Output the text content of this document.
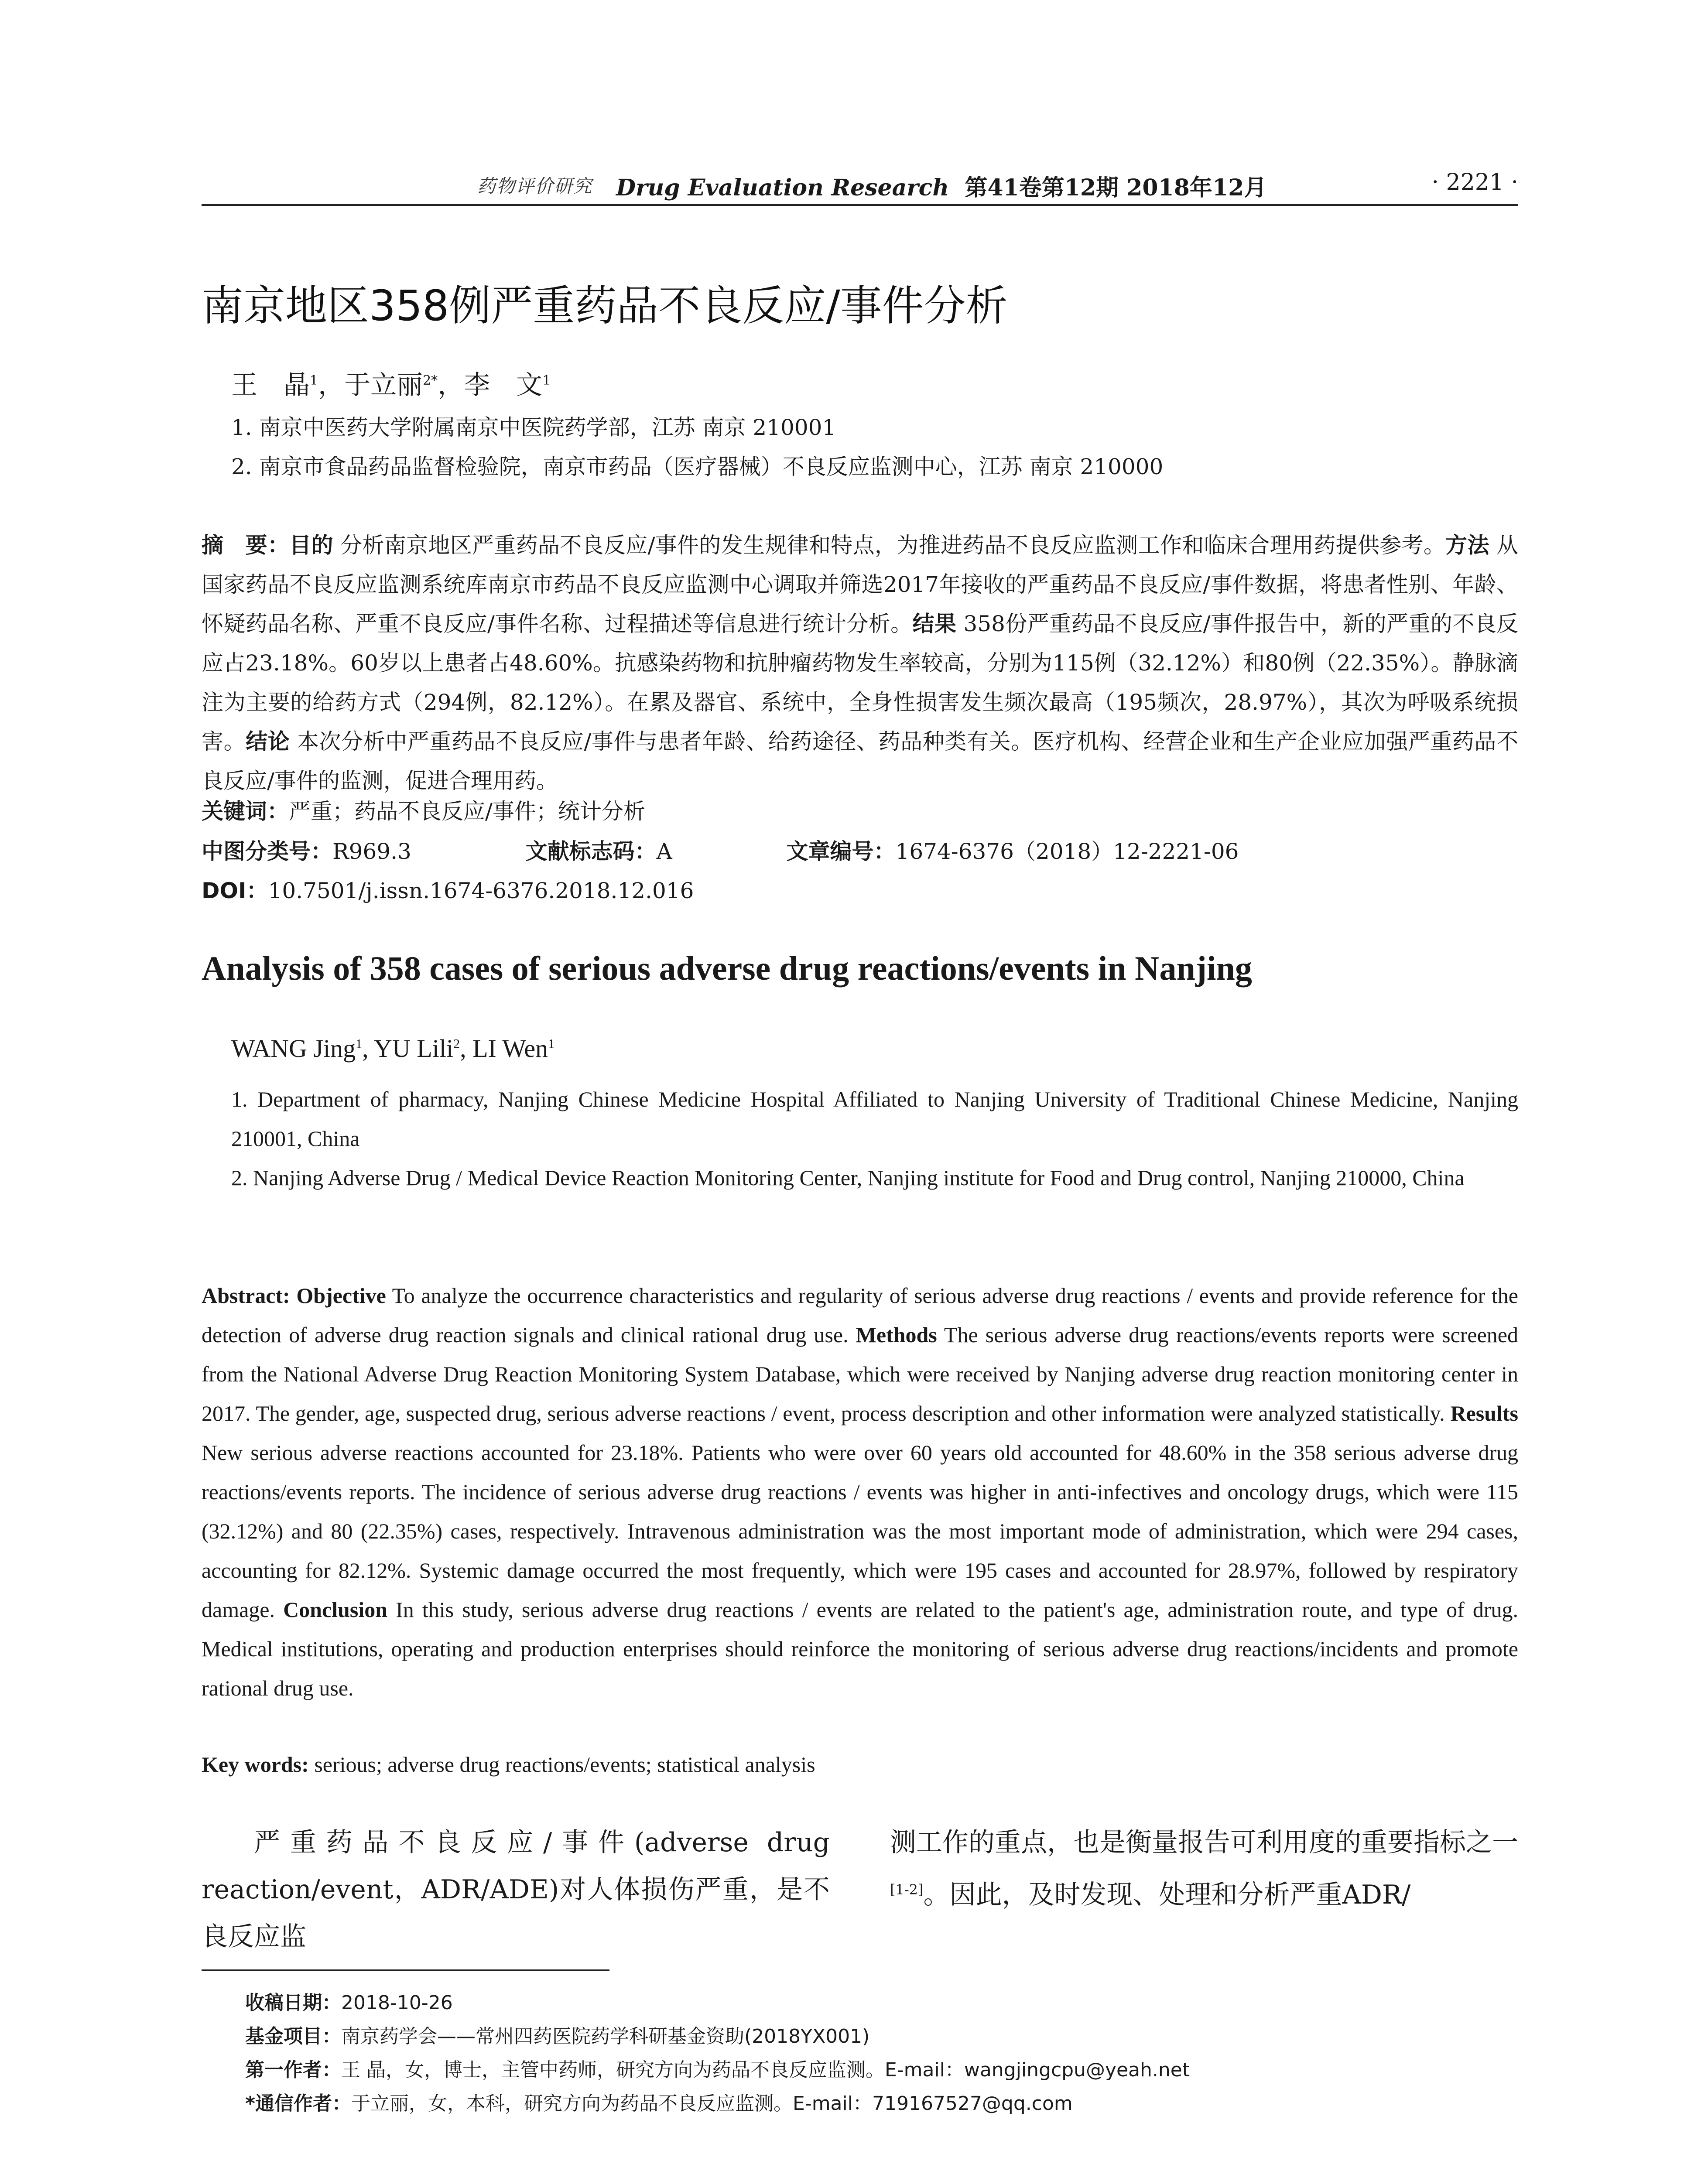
药物评价研究 Drug Evaluation Research 第41卷第12期 2018年12月	· 2221 ·
南京地区358例严重药品不良反应/事件分析
王　晶$^1$，于立丽$^{2*}$，李　文$^1$
1. 南京中医药大学附属南京中医院药学部，江苏 南京 210001
2. 南京市食品药品监督检验院，南京市药品（医疗器械）不良反应监测中心，江苏 南京 210000
摘　要：目的 分析南京地区严重药品不良反应/事件的发生规律和特点，为推进药品不良反应监测工作和临床合理用药提供参考。方法 从国家药品不良反应监测系统库南京市药品不良反应监测中心调取并筛选2017年接收的严重药品不良反应/事件数据，将患者性别、年龄、怀疑药品名称、严重不良反应/事件名称、过程描述等信息进行统计分析。结果 358份严重药品不良反应/事件报告中，新的严重的不良反应占23.18%。60岁以上患者占48.60%。抗感染药物和抗肿瘤药物发生率较高，分别为115例（32.12%）和80例（22.35%）。静脉滴注为主要的给药方式（294例，82.12%）。在累及器官、系统中，全身性损害发生频次最高（195频次，28.97%），其次为呼吸系统损害。结论 本次分析中严重药品不良反应/事件与患者年龄、给药途径、药品种类有关。医疗机构、经营企业和生产企业应加强严重药品不良反应/事件的监测，促进合理用药。
关键词：严重；药品不良反应/事件；统计分析
中图分类号：R969.3	文献标志码：A	文章编号：1674-6376（2018）12-2221-06
DOI：10.7501/j.issn.1674-6376.2018.12.016
Analysis of 358 cases of serious adverse drug reactions/events in Nanjing
WANG Jing$^1$, YU Lili$^2$, LI Wen$^1$
1. Department of pharmacy, Nanjing Chinese Medicine Hospital Affiliated to Nanjing University of Traditional Chinese Medicine, Nanjing 210001, China
2. Nanjing Adverse Drug / Medical Device Reaction Monitoring Center, Nanjing institute for Food and Drug control, Nanjing 210000, China
Abstract: Objective To analyze the occurrence characteristics and regularity of serious adverse drug reactions / events and provide reference for the detection of adverse drug reaction signals and clinical rational drug use. Methods The serious adverse drug reactions/events reports were screened from the National Adverse Drug Reaction Monitoring System Database, which were received by Nanjing adverse drug reaction monitoring center in 2017. The gender, age, suspected drug, serious adverse reactions / event, process description and other information were analyzed statistically. Results New serious adverse reactions accounted for 23.18%. Patients who were over 60 years old accounted for 48.60% in the 358 serious adverse drug reactions/events reports. The incidence of serious adverse drug reactions / events was higher in anti-infectives and oncology drugs, which were 115 (32.12%) and 80 (22.35%) cases, respectively. Intravenous administration was the most important mode of administration, which were 294 cases, accounting for 82.12%. Systemic damage occurred the most frequently, which were 195 cases and accounted for 28.97%, followed by respiratory damage. Conclusion In this study, serious adverse drug reactions / events are related to the patient's age, administration route, and type of drug. Medical institutions, operating and production enterprises should reinforce the monitoring of serious adverse drug reactions/incidents and promote rational drug use.
Key words: serious; adverse drug reactions/events; statistical analysis
严重药品不良反应/事件(adverse drug reaction/event，ADR/ADE)对人体损伤严重，是不良反应监
测工作的重点，也是衡量报告可利用度的重要指标之一[1-2]。因此，及时发现、处理和分析严重ADR/
收稿日期：2018-10-26
基金项目：南京药学会——常州四药医院药学科研基金资助(2018YX001)
第一作者：王 晶，女，博士，主管中药师，研究方向为药品不良反应监测。E-mail：wangjingcpu@yeah.net
*通信作者：于立丽，女，本科，研究方向为药品不良反应监测。E-mail：719167527@qq.com
